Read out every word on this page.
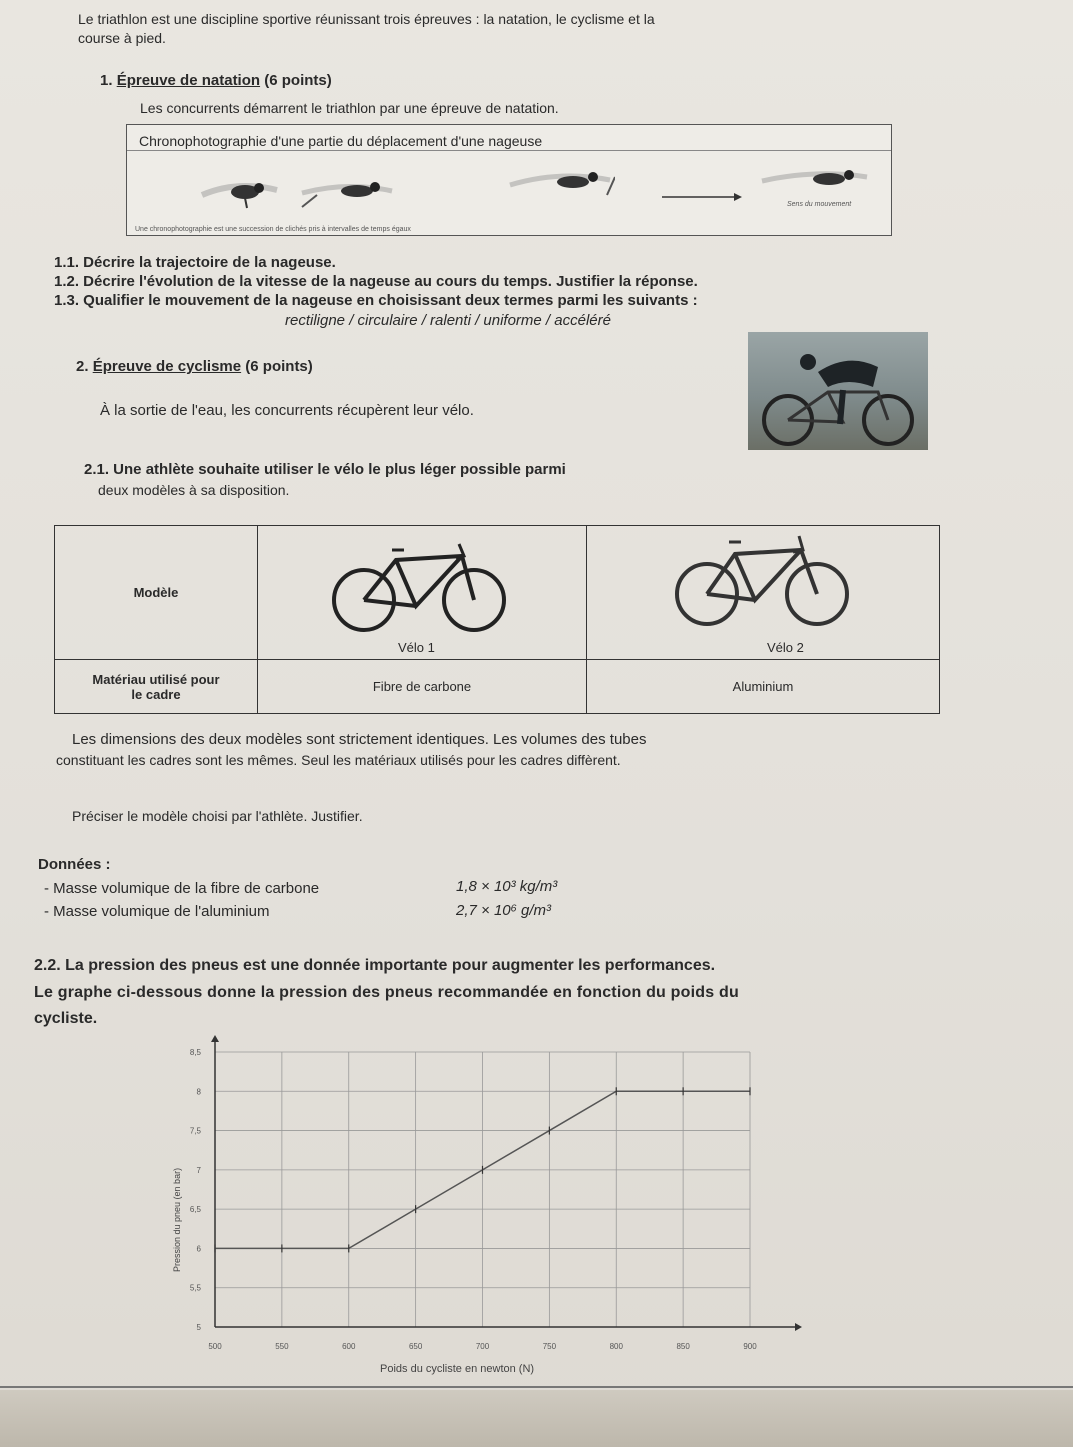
Le triathlon est une discipline sportive réunissant trois épreuves : la natation, le cyclisme et la
course à pied.
1. Épreuve de natation (6 points)
Les concurrents démarrent le triathlon par une épreuve de natation.
Chronophotographie d'une partie du déplacement d'une nageuse
Sens du mouvement
Une chronophotographie est une succession de clichés pris à intervalles de temps égaux
1.1. Décrire la trajectoire de la nageuse.
1.2. Décrire l'évolution de la vitesse de la nageuse au cours du temps. Justifier la réponse.
1.3. Qualifier le mouvement de la nageuse en choisissant deux termes parmi les suivants :
rectiligne / circulaire / ralenti / uniforme / accéléré
2. Épreuve de cyclisme (6 points)
À la sortie de l'eau, les concurrents récupèrent leur vélo.
2.1. Une athlète souhaite utiliser le vélo le plus léger possible parmi
deux modèles à sa disposition.
Modèle	Vélo 1	Vélo 2

Matériau utilisé pour
le cadre	Fibre de carbone	Aluminium
Les dimensions des deux modèles sont strictement identiques. Les volumes des tubes
constituant les cadres sont les mêmes. Seul les matériaux utilisés pour les cadres diffèrent.
Préciser le modèle choisi par l'athlète. Justifier.
Données :
- Masse volumique de la fibre de carbone	1,8 × 10³ kg/m³
- Masse volumique de l'aluminium	2,7 × 10⁶ g/m³
2.2. La pression des pneus est une donnée importante pour augmenter les performances.
Le graphe ci-dessous donne la pression des pneus recommandée en fonction du poids du
cycliste.
5
5,5
6
6,5
7
7,5
8
8,5
500	550	600	650	700	750	800	850	900
Pression du pneu (en bar)
Poids du cycliste en newton (N)
